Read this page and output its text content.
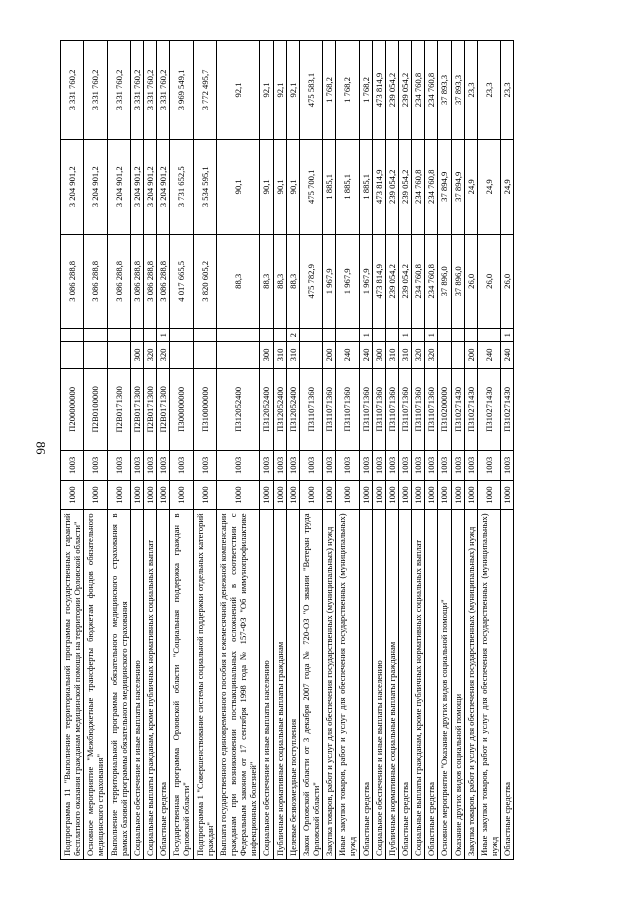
86
Подпрограмма 11 "Выполнение территориальной программы государственных гарантий бесплатного оказания гражданам медицинской помощи на территории Орловской области"	1000	1003	П200000000			3 086 288,8	3 204 901,2	3 331 760,2
Основное мероприятие "Межбюджетные трансферты бюджетам фондов обязательного медицинского страхования"	1000	1003	П2В0100000			3 086 288,8	3 204 901,2	3 331 760,2
Выполнение территориальной программы обязательного медицинского страхования в рамках базовой программы обязательного медицинского страхования	1000	1003	П2В0171300			3 086 288,8	3 204 901,2	3 331 760,2
Социальное обеспечение и иные выплаты населению	1000	1003	П2В0171300	300		3 086 288,8	3 204 901,2	3 331 760,2
Социальные выплаты гражданам, кроме публичных нормативных социальных выплат	1000	1003	П2В0171300	320		3 086 288,8	3 204 901,2	3 331 760,2
Областные средства	1000	1003	П2В0171300	320	1	3 086 288,8	3 204 901,2	3 331 760,2
Государственная программа Орловской области "Социальная поддержка граждан в Орловской области"	1000	1003	П300000000			4 017 665,5	3 731 652,5	3 969 549,1
Подпрограмма 1 "Совершенствование системы социальной поддержки отдельных категорий граждан"	1000	1003	П310000000			3 820 605,2	3 534 595,1	3 772 495,7
Выплата государственного единовременного пособия и ежемесячной денежной компенсации гражданам при возникновении поствакцинальных осложнений в соответствии с Федеральным законом от 17 сентября 1998 года № 157-ФЗ "Об иммунопрофилактике инфекционных болезней"	1000	1003	П312052400			88,3	90,1	92,1
Социальное обеспечение и иные выплаты населению	1000	1003	П312052400	300		88,3	90,1	92,1
Публичные нормативные социальные выплаты гражданам	1000	1003	П312052400	310		88,3	90,1	92,1
Целевые безвозмездные поступления	1000	1003	П312052400	310	2	88,3	90,1	92,1
Закон Орловской области от 3 декабря 2007 года № 720-ОЗ "О звании "Ветеран труда Орловской области"	1000	1003	П311071360			475 782,9	475 700,1	475 583,1
Закупка товаров, работ и услуг для обеспечения государственных (муниципальных) нужд	1000	1003	П311071360	200		1 967,9	1 885,1	1 768,2
Иные закупки товаров, работ и услуг для обеспечения государственных (муниципальных) нужд	1000	1003	П311071360	240		1 967,9	1 885,1	1 768,2
Областные средства	1000	1003	П311071360	240	1	1 967,9	1 885,1	1 768,2
Социальное обеспечение и иные выплаты населению	1000	1003	П311071360	300		473 814,9	473 814,9	473 814,9
Публичные нормативные социальные выплаты гражданам	1000	1003	П311071360	310		239 054,2	239 054,2	239 054,2
Областные средства	1000	1003	П311071360	310	1	239 054,2	239 054,2	239 054,2
Социальные выплаты гражданам, кроме публичных нормативных социальных выплат	1000	1003	П311071360	320		234 760,8	234 760,8	234 760,8
Областные средства	1000	1003	П311071360	320	1	234 760,8	234 760,8	234 760,8
Основное мероприятие "Оказание других видов социальной помощи"	1000	1003	П310200000			37 896,0	37 894,9	37 893,3
Оказание других видов социальной помощи	1000	1003	П310271430			37 896,0	37 894,9	37 893,3
Закупка товаров, работ и услуг для обеспечения государственных (муниципальных) нужд	1000	1003	П310271430	200		26,0	24,9	23,3
Иные закупки товаров, работ и услуг для обеспечения государственных (муниципальных) нужд	1000	1003	П310271430	240		26,0	24,9	23,3
Областные средства	1000	1003	П310271430	240	1	26,0	24,9	23,3
